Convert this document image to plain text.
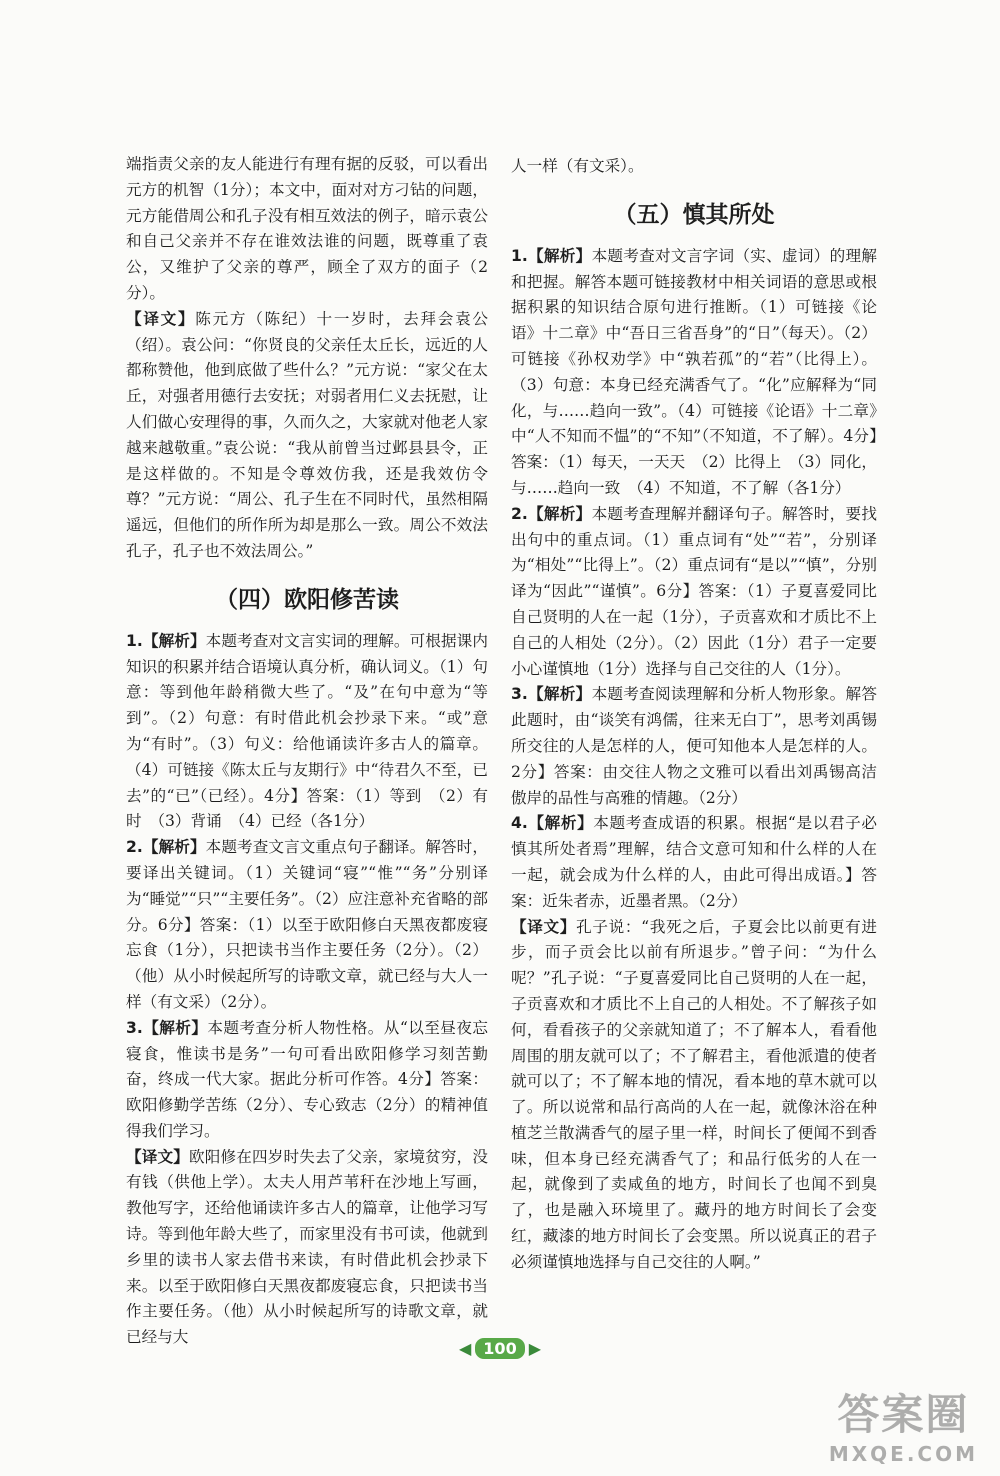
端指责父亲的友人能进行有理有据的反驳，可以看出元方的机智（1分）；本文中，面对对方刁钻的问题，元方能借周公和孔子没有相互效法的例子，暗示袁公和自己父亲并不存在谁效法谁的问题，既尊重了袁公，又维护了父亲的尊严，顾全了双方的面子（2分）。

【译文】陈元方（陈纪）十一岁时，去拜会袁公（绍）。袁公问：“你贤良的父亲任太丘长，远近的人都称赞他，他到底做了些什么？”元方说：“家父在太丘，对强者用德行去安抚；对弱者用仁义去抚慰，让人们做心安理得的事，久而久之，大家就对他老人家越来越敬重。”袁公说：“我从前曾当过邺县县令，正是这样做的。不知是令尊效仿我，还是我效仿令尊？”元方说：“周公、孔子生在不同时代，虽然相隔遥远，但他们的所作所为却是那么一致。周公不效法孔子，孔子也不效法周公。”

（四）欧阳修苦读

1.【解析】本题考查对文言实词的理解。可根据课内知识的积累并结合语境认真分析，确认词义。（1）句意：等到他年龄稍微大些了。“及”在句中意为“等到”。（2）句意：有时借此机会抄录下来。“或”意为“有时”。（3）句义：给他诵读许多古人的篇章。（4）可链接《陈太丘与友期行》中“待君久不至，已去”的“已”（已经）。4分】答案：（1）等到　（2）有时　（3）背诵　（4）已经（各1分）

2.【解析】本题考查文言文重点句子翻译。解答时，要译出关键词。（1）关键词“寝”“惟”“务”分别译为“睡觉”“只”“主要任务”。（2）应注意补充省略的部分。6分】答案：（1）以至于欧阳修白天黑夜都废寝忘食（1分），只把读书当作主要任务（2分）。（2）（他）从小时候起所写的诗歌文章，就已经与大人一样（有文采）（2分）。

3.【解析】本题考查分析人物性格。从“以至昼夜忘寝食，惟读书是务”一句可看出欧阳修学习刻苦勤奋，终成一代大家。据此分析可作答。4分】答案：欧阳修勤学苦练（2分）、专心致志（2分）的精神值得我们学习。

【译文】欧阳修在四岁时失去了父亲，家境贫穷，没有钱（供他上学）。太夫人用芦苇秆在沙地上写画，教他写字，还给他诵读许多古人的篇章，让他学习写诗。等到他年龄大些了，而家里没有书可读，他就到乡里的读书人家去借书来读，有时借此机会抄录下来。以至于欧阳修白天黑夜都废寝忘食，只把读书当作主要任务。（他）从小时候起所写的诗歌文章，就已经与大

人一样（有文采）。

（五）慎其所处

1.【解析】本题考查对文言字词（实、虚词）的理解和把握。解答本题可链接教材中相关词语的意思或根据积累的知识结合原句进行推断。（1）可链接《论语》十二章》中“吾日三省吾身”的“日”（每天）。（2）可链接《孙权劝学》中“孰若孤”的“若”（比得上）。（3）句意：本身已经充满香气了。“化”应解释为“同化，与……趋向一致”。（4）可链接《论语》十二章》中“人不知而不愠”的“不知”（不知道，不了解）。4分】答案：（1）每天，一天天　（2）比得上　（3）同化，与……趋向一致　（4）不知道，不了解（各1分）

2.【解析】本题考查理解并翻译句子。解答时，要找出句中的重点词。（1）重点词有“处”“若”，分别译为“相处”“比得上”。（2）重点词有“是以”“慎”，分别译为“因此”“谨慎”。6分】答案：（1）子夏喜爱同比自己贤明的人在一起（1分），子贡喜欢和才质比不上自己的人相处（2分）。（2）因此（1分）君子一定要小心谨慎地（1分）选择与自己交往的人（1分）。

3.【解析】本题考查阅读理解和分析人物形象。解答此题时，由“谈笑有鸿儒，往来无白丁”，思考刘禹锡所交往的人是怎样的人，便可知他本人是怎样的人。2分】答案：由交往人物之文雅可以看出刘禹锡高洁傲岸的品性与高雅的情趣。（2分）

4.【解析】本题考查成语的积累。根据“是以君子必慎其所处者焉”理解，结合文意可知和什么样的人在一起，就会成为什么样的人，由此可得出成语。】答案：近朱者赤，近墨者黑。（2分）

【译文】孔子说：“我死之后，子夏会比以前更有进步，而子贡会比以前有所退步。”曾子问：“为什么呢？”孔子说：“子夏喜爱同比自己贤明的人在一起，子贡喜欢和才质比不上自己的人相处。不了解孩子如何，看看孩子的父亲就知道了；不了解本人，看看他周围的朋友就可以了；不了解君主，看他派遣的使者就可以了；不了解本地的情况，看本地的草木就可以了。所以说常和品行高尚的人在一起，就像沐浴在种植芝兰散满香气的屋子里一样，时间长了便闻不到香味，但本身已经充满香气了；和品行低劣的人在一起，就像到了卖咸鱼的地方，时间长了也闻不到臭了，也是融入环境里了。藏丹的地方时间长了会变红，藏漆的地方时间长了会变黑。所以说真正的君子必须谨慎地选择与自己交往的人啊。”

◀ 100 ▶
答案圈
MXQE.COM
